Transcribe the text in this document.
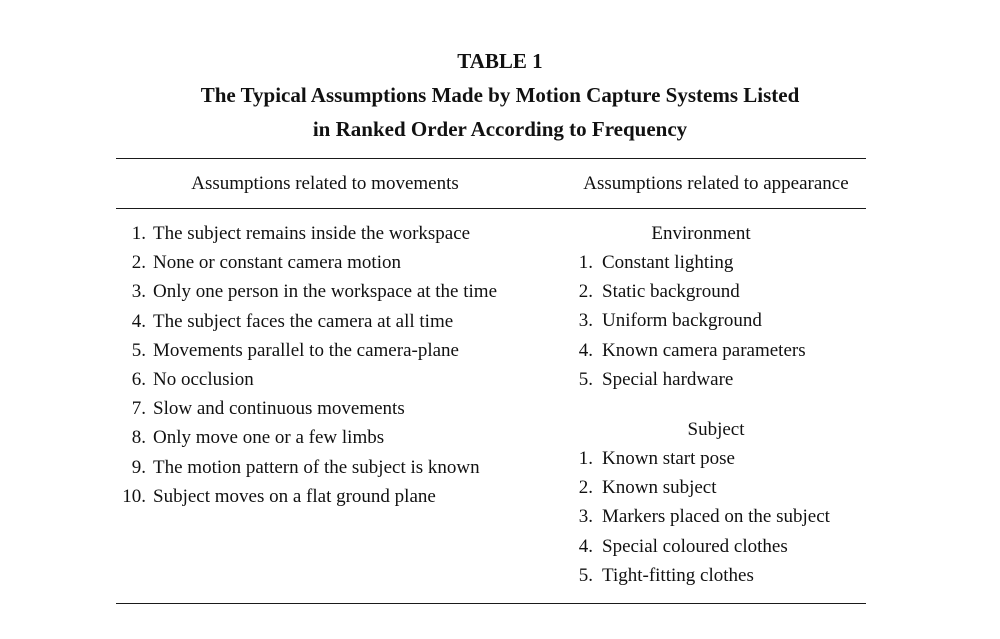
TABLE 1
The Typical Assumptions Made by Motion Capture Systems Listed
in Ranked Order According to Frequency
Assumptions related to movements	Assumptions related to appearance
1. The subject remains inside the workspace
2. None or constant camera motion
3. Only one person in the workspace at the time
4. The subject faces the camera at all time
5. Movements parallel to the camera-plane
6. No occlusion
7. Slow and continuous movements
8. Only move one or a few limbs
9. The motion pattern of the subject is known
10. Subject moves on a flat ground plane
Environment
1. Constant lighting
2. Static background
3. Uniform background
4. Known camera parameters
5. Special hardware
Subject
1. Known start pose
2. Known subject
3. Markers placed on the subject
4. Special coloured clothes
5. Tight-fitting clothes
